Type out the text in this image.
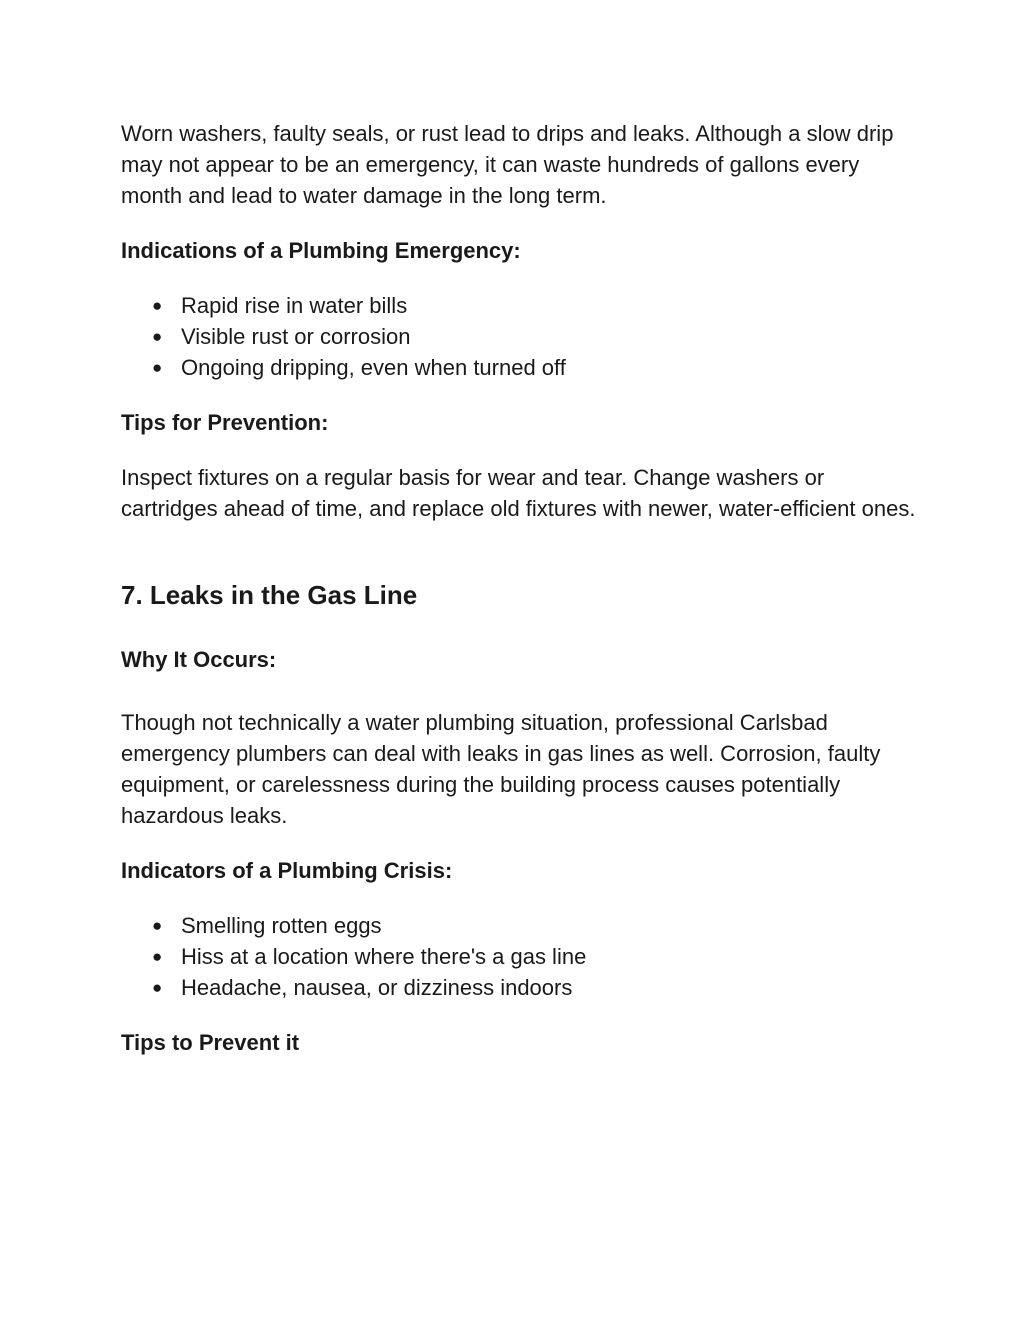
Worn washers, faulty seals, or rust lead to drips and leaks. Although a slow drip may not appear to be an emergency, it can waste hundreds of gallons every month and lead to water damage in the long term.

Indications of a Plumbing Emergency:
● Rapid rise in water bills
● Visible rust or corrosion
● Ongoing dripping, even when turned off
Tips for Prevention:

Inspect fixtures on a regular basis for wear and tear. Change washers or cartridges ahead of time, and replace old fixtures with newer, water-efficient ones.

7. Leaks in the Gas Line
Why It Occurs:

Though not technically a water plumbing situation, professional Carlsbad emergency plumbers can deal with leaks in gas lines as well. Corrosion, faulty equipment, or carelessness during the building process causes potentially hazardous leaks.

Indicators of a Plumbing Crisis:
● Smelling rotten eggs
● Hiss at a location where there's a gas line
● Headache, nausea, or dizziness indoors
Tips to Prevent it
